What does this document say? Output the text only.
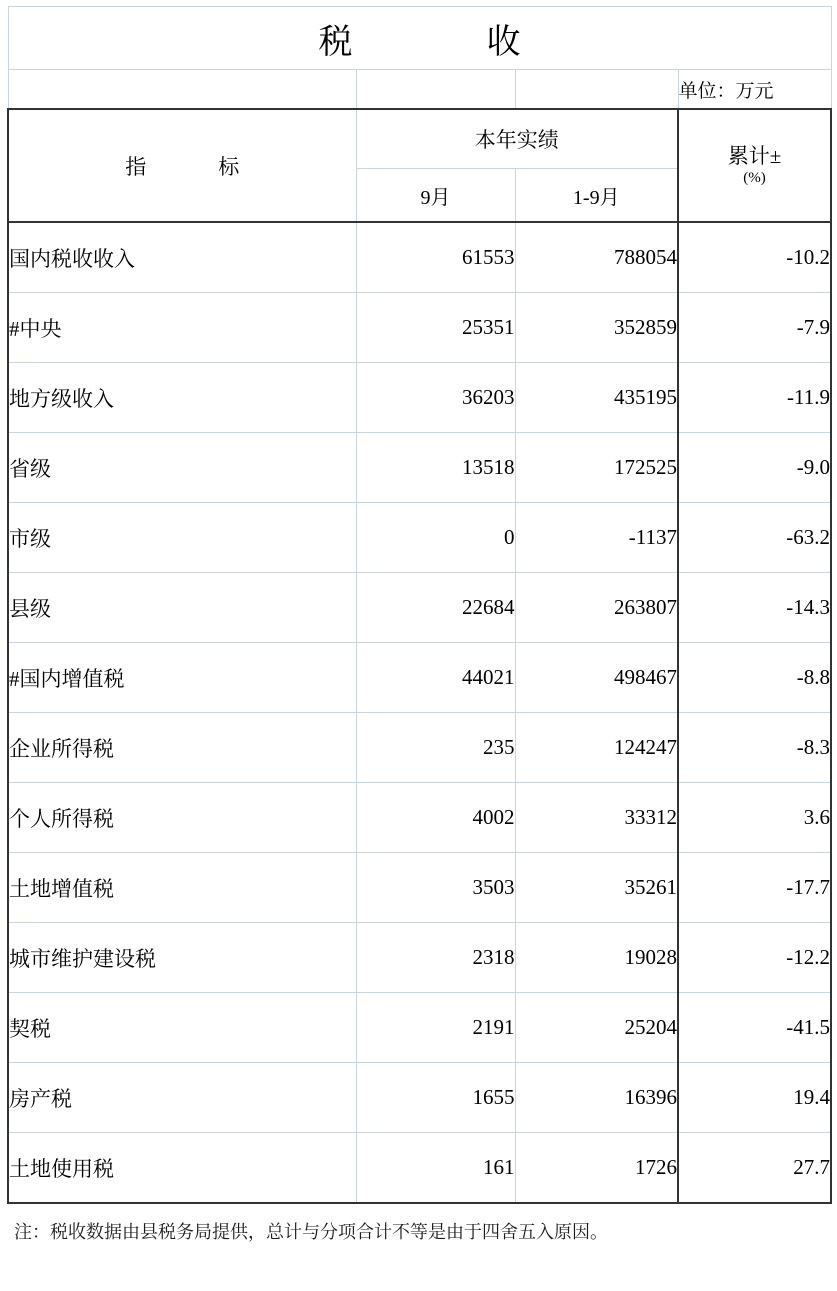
税　　收			
			单位：万元
指　　标	本年实绩		累计±
(%)

	9月	1-9月	
国内税收收入	61553	788054	-10.2
#中央	25351	352859	-7.9
地方级收入	36203	435195	-11.9
省级	13518	172525	-9.0
市级	0	-1137	-63.2
县级	22684	263807	-14.3
#国内增值税	44021	498467	-8.8
企业所得税	235	124247	-8.3
个人所得税	4002	33312	3.6
土地增值税	3503	35261	-17.7
城市维护建设税	2318	19028	-12.2
契税	2191	25204	-41.5
房产税	1655	16396	19.4
土地使用税	161	1726	27.7
注：税收数据由县税务局提供，总计与分项合计不等是由于四舍五入原因。
